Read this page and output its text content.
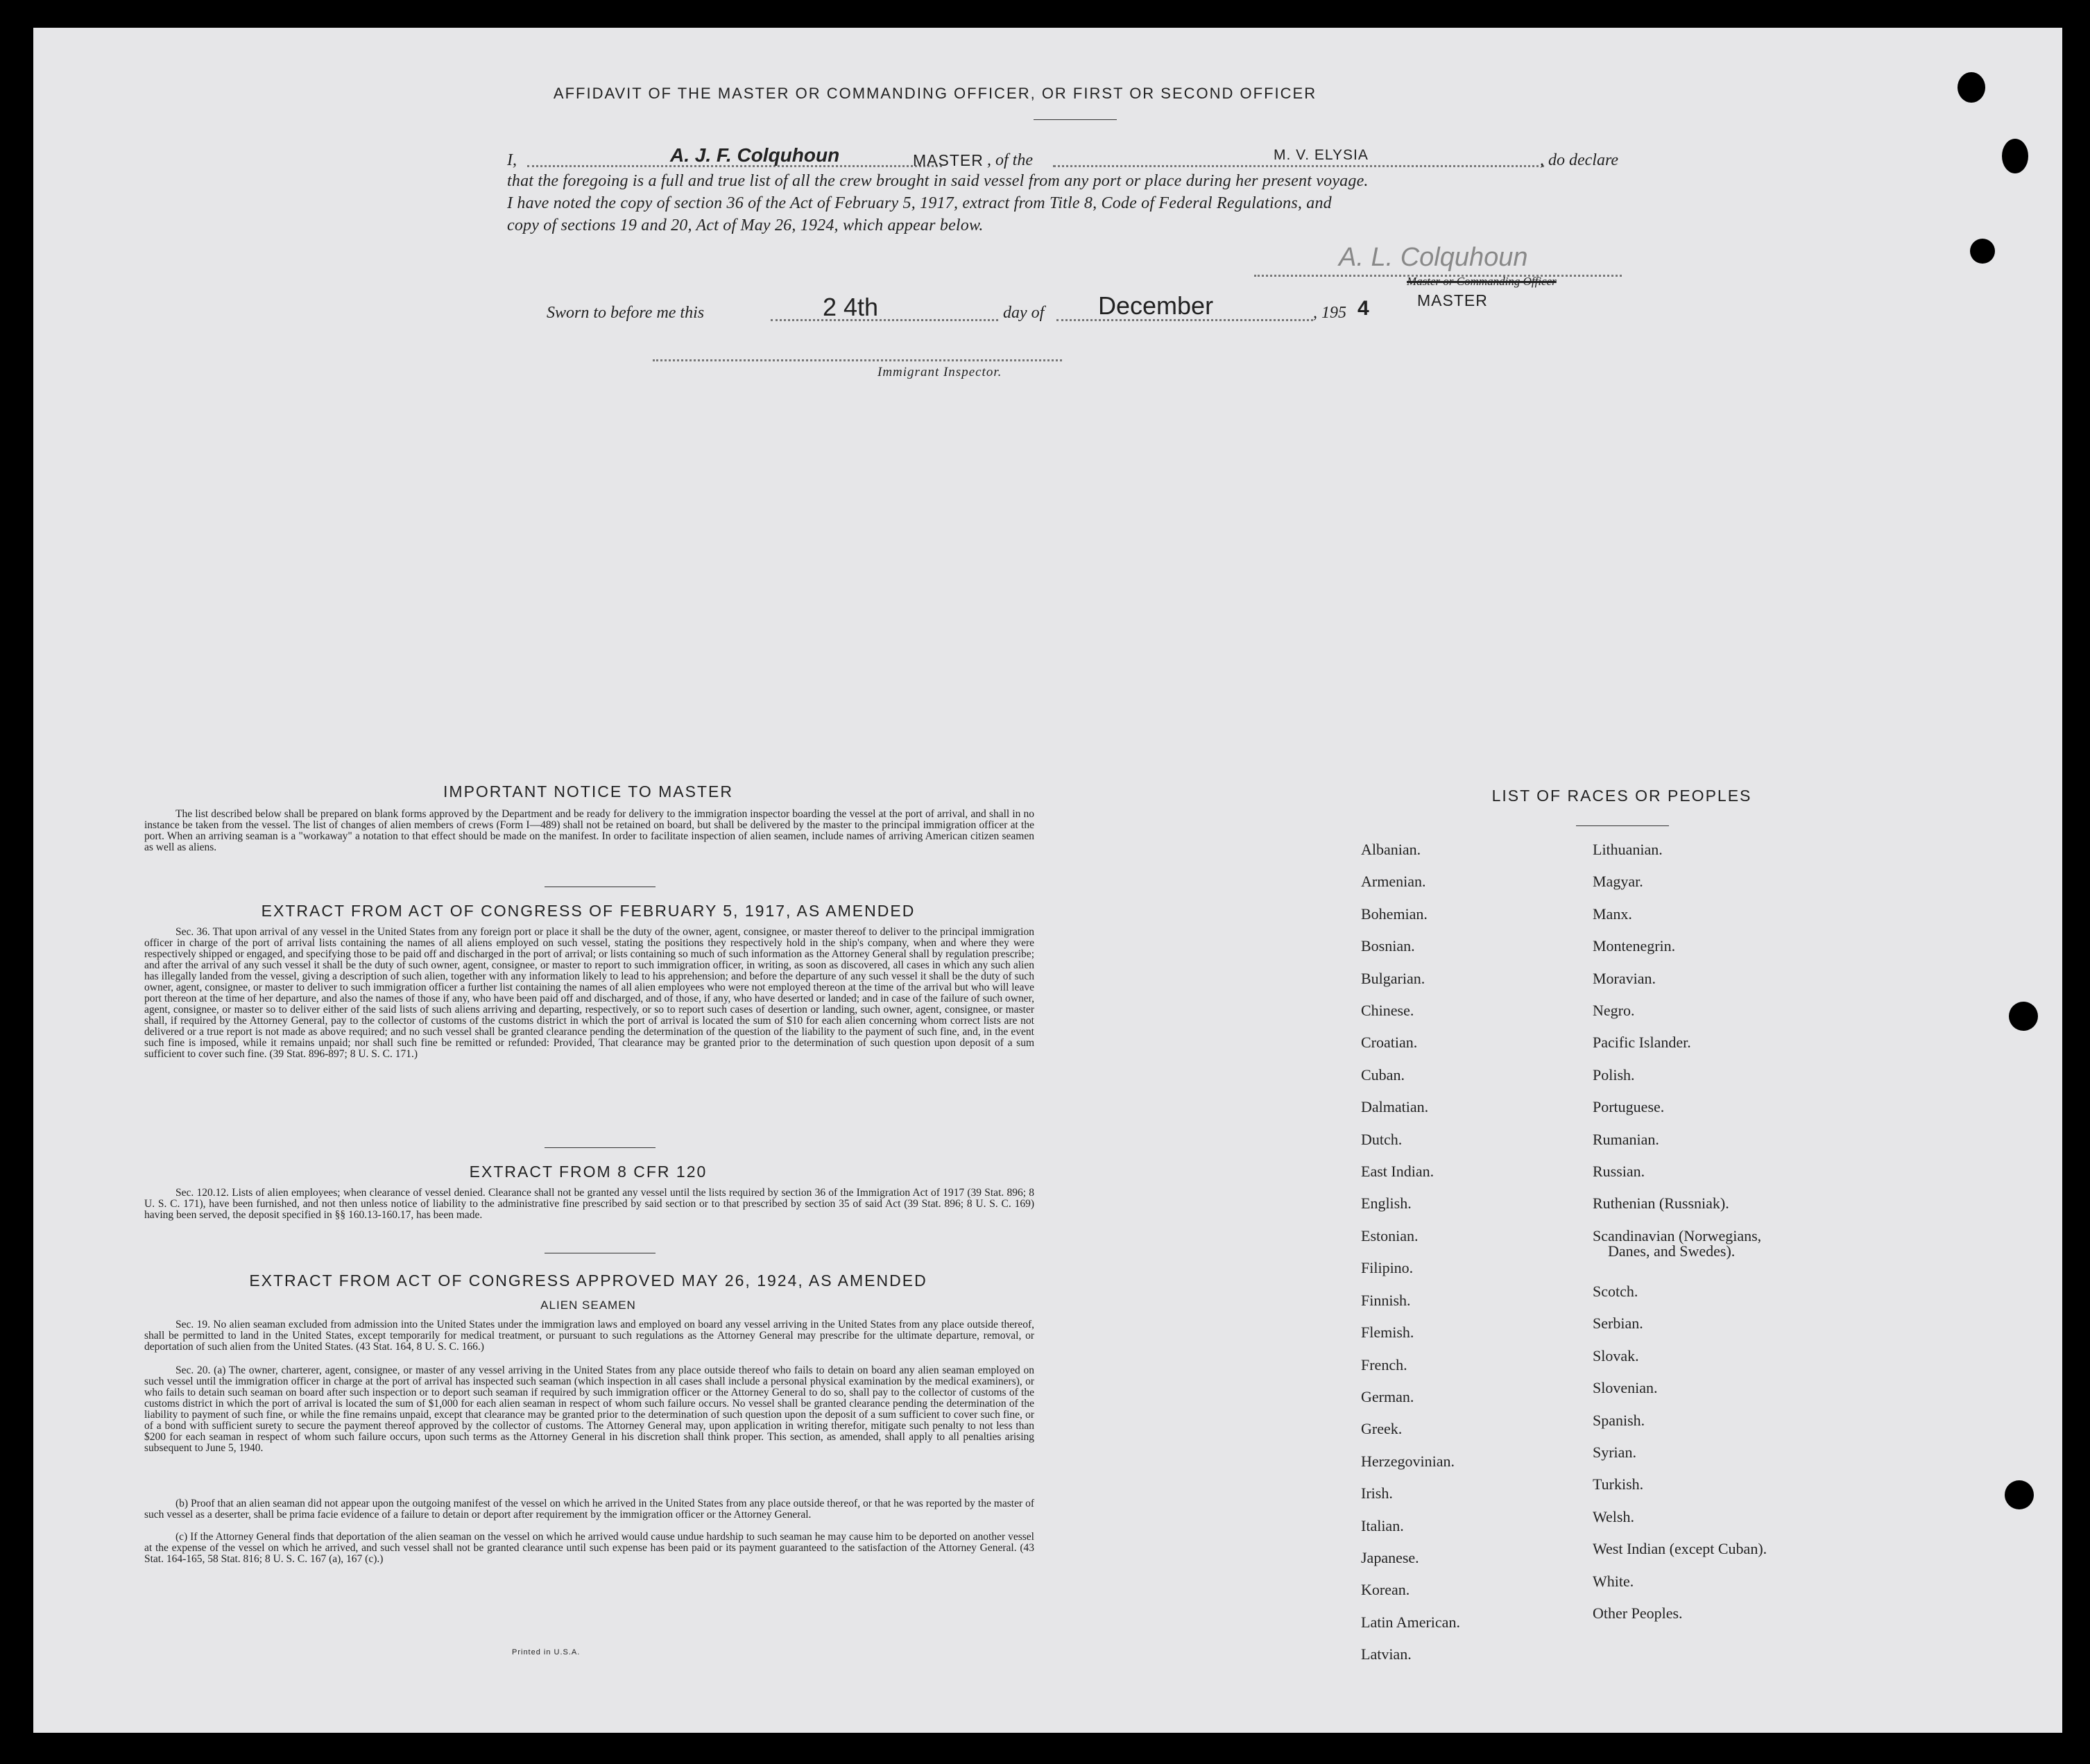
AFFIDAVIT OF THE MASTER OR COMMANDING OFFICER, OR FIRST OR SECOND OFFICER
I,	A. J. F. Colquhoun	MASTER , of the	M. V. ELYSIA	, do declare
that the foregoing is a full and true list of all the crew brought in said vessel from any port or place during her present voyage.
I have noted the copy of section 36 of the Act of February 5, 1917, extract from Title 8, Code of Federal Regulations, and
copy of sections 19 and 20, Act of May 26, 1924, which appear below.
A. L. Colquhoun
Master or Commanding Officer
MASTER
Sworn to before me this	2 4th	day of December	, 195 4
Immigrant Inspector.
IMPORTANT NOTICE TO MASTER
The list described below shall be prepared on blank forms approved by the Department and be ready for delivery to the immigration inspector boarding the vessel at the port of arrival, and shall in no instance be taken from the vessel. The list of changes of alien members of crews (Form I—489) shall not be retained on board, but shall be delivered by the master to the principal immigration officer at the port. When an arriving seaman is a "workaway" a notation to that effect should be made on the manifest. In order to facilitate inspection of alien seamen, include names of arriving American citizen seamen as well as aliens.
EXTRACT FROM ACT OF CONGRESS OF FEBRUARY 5, 1917, AS AMENDED
Sec. 36. That upon arrival of any vessel in the United States from any foreign port or place it shall be the duty of the owner, agent, consignee, or master thereof to deliver to the principal immigration officer in charge of the port of arrival lists containing the names of all aliens employed on such vessel, stating the positions they respectively hold in the ship's company, when and where they were respectively shipped or engaged, and specifying those to be paid off and discharged in the port of arrival; or lists containing so much of such information as the Attorney General shall by regulation prescribe; and after the arrival of any such vessel it shall be the duty of such owner, agent, consignee, or master to report to such immigration officer, in writing, as soon as discovered, all cases in which any such alien has illegally landed from the vessel, giving a description of such alien, together with any information likely to lead to his apprehension; and before the departure of any such vessel it shall be the duty of such owner, agent, consignee, or master to deliver to such immigration officer a further list containing the names of all alien employees who were not employed thereon at the time of the arrival but who will leave port thereon at the time of her departure, and also the names of those if any, who have been paid off and discharged, and of those, if any, who have deserted or landed; and in case of the failure of such owner, agent, consignee, or master so to deliver either of the said lists of such aliens arriving and departing, respectively, or so to report such cases of desertion or landing, such owner, agent, consignee, or master shall, if required by the Attorney General, pay to the collector of customs of the customs district in which the port of arrival is located the sum of $10 for each alien concerning whom correct lists are not delivered or a true report is not made as above required; and no such vessel shall be granted clearance pending the determination of the question of the liability to the payment of such fine, and, in the event such fine is imposed, while it remains unpaid; nor shall such fine be remitted or refunded: Provided, That clearance may be granted prior to the determination of such question upon deposit of a sum sufficient to cover such fine. (39 Stat. 896-897; 8 U. S. C. 171.)
EXTRACT FROM 8 CFR 120
Sec. 120.12. Lists of alien employees; when clearance of vessel denied. Clearance shall not be granted any vessel until the lists required by section 36 of the Immigration Act of 1917 (39 Stat. 896; 8 U. S. C. 171), have been furnished, and not then unless notice of liability to the administrative fine prescribed by said section or to that prescribed by section 35 of said Act (39 Stat. 896; 8 U. S. C. 169) having been served, the deposit specified in §§ 160.13-160.17, has been made.
EXTRACT FROM ACT OF CONGRESS APPROVED MAY 26, 1924, AS AMENDED
ALIEN SEAMEN
Sec. 19. No alien seaman excluded from admission into the United States under the immigration laws and employed on board any vessel arriving in the United States from any place outside thereof, shall be permitted to land in the United States, except temporarily for medical treatment, or pursuant to such regulations as the Attorney General may prescribe for the ultimate departure, removal, or deportation of such alien from the United States. (43 Stat. 164, 8 U. S. C. 166.)
Sec. 20. (a) The owner, charterer, agent, consignee, or master of any vessel arriving in the United States from any place outside thereof who fails to detain on board any alien seaman employed on such vessel until the immigration officer in charge at the port of arrival has inspected such seaman (which inspection in all cases shall include a personal physical examination by the medical examiners), or who fails to detain such seaman on board after such inspection or to deport such seaman if required by such immigration officer or the Attorney General to do so, shall pay to the collector of customs of the customs district in which the port of arrival is located the sum of $1,000 for each alien seaman in respect of whom such failure occurs. No vessel shall be granted clearance pending the determination of the liability to payment of such fine, or while the fine remains unpaid, except that clearance may be granted prior to the determination of such question upon the deposit of a sum sufficient to cover such fine, or of a bond with sufficient surety to secure the payment thereof approved by the collector of customs. The Attorney General may, upon application in writing therefor, mitigate such penalty to not less than $200 for each seaman in respect of whom such failure occurs, upon such terms as the Attorney General in his discretion shall think proper. This section, as amended, shall apply to all penalties arising subsequent to June 5, 1940.
(b) Proof that an alien seaman did not appear upon the outgoing manifest of the vessel on which he arrived in the United States from any place outside thereof, or that he was reported by the master of such vessel as a deserter, shall be prima facie evidence of a failure to detain or deport after requirement by the immigration officer or the Attorney General.
(c) If the Attorney General finds that deportation of the alien seaman on the vessel on which he arrived would cause undue hardship to such seaman he may cause him to be deported on another vessel at the expense of the vessel on which he arrived, and such vessel shall not be granted clearance until such expense has been paid or its payment guaranteed to the satisfaction of the Attorney General. (43 Stat. 164-165, 58 Stat. 816; 8 U. S. C. 167 (a), 167 (c).)
Printed in U.S.A.
LIST OF RACES OR PEOPLES
Albanian.
Armenian.
Bohemian.
Bosnian.
Bulgarian.
Chinese.
Croatian.
Cuban.
Dalmatian.
Dutch.
East Indian.
English.
Estonian.
Filipino.
Finnish.
Flemish.
French.
German.
Greek.
Herzegovinian.
Irish.
Italian.
Japanese.
Korean.
Latin American.
Latvian.
Lithuanian.
Magyar.
Manx.
Montenegrin.
Moravian.
Negro.
Pacific Islander.
Polish.
Portuguese.
Rumanian.
Russian.
Ruthenian (Russniak).
Scandinavian (Norwegians,
Danes, and Swedes).
Scotch.
Serbian.
Slovak.
Slovenian.
Spanish.
Syrian.
Turkish.
Welsh.
West Indian (except Cuban).
White.
Other Peoples.
